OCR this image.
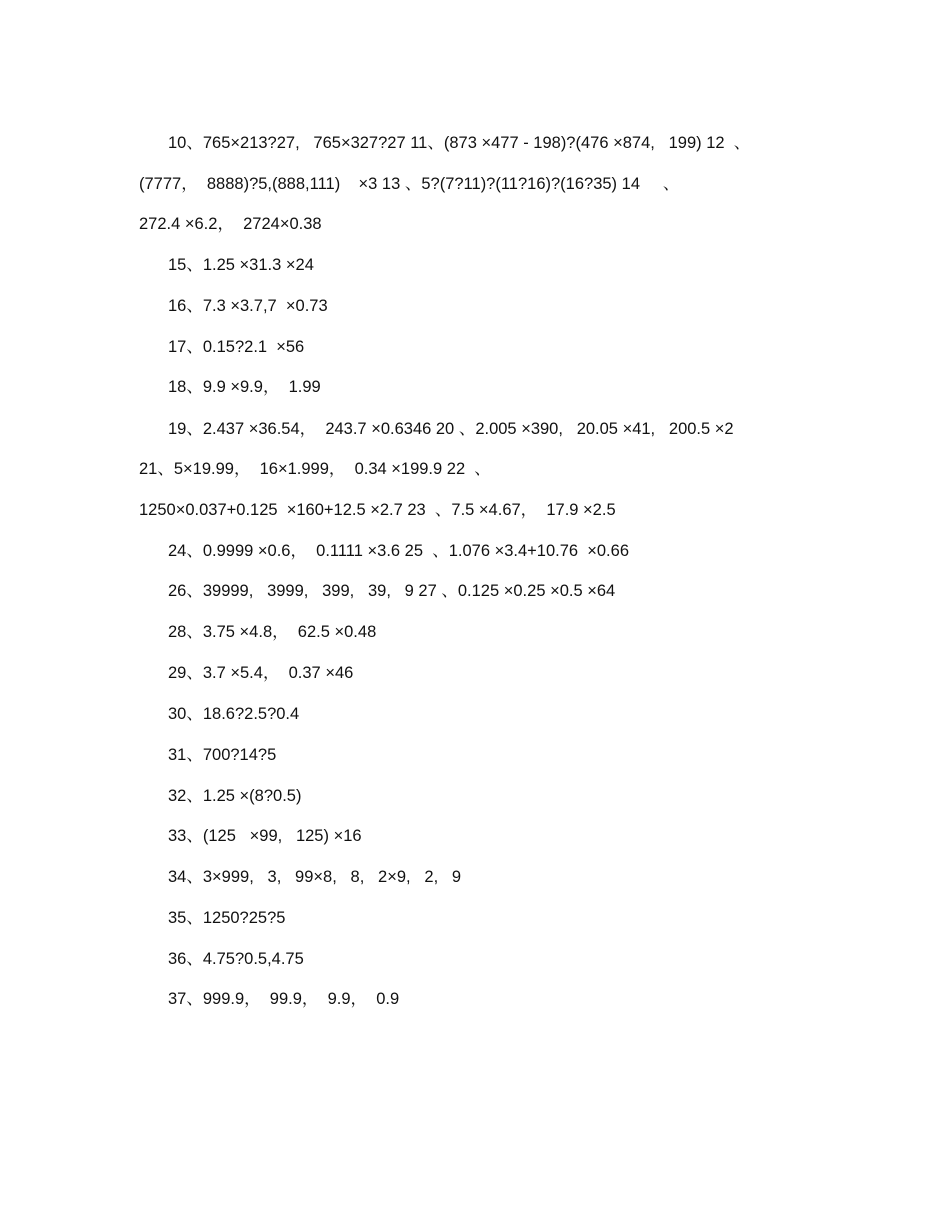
10、765×213?27,   765×327?27 11、(873 ×477 - 198)?(476 ×874,   199) 12  、
(7777，  8888)?5,(888,111)    ×3 13 、5?(7?11)?(11?16)?(16?35) 14     、
272.4 ×6.2，  2724×0.38
15、1.25 ×31.3 ×24
16、7.3 ×3.7,7  ×0.73
17、0.15?2.1  ×56
18、9.9 ×9.9，  1.99
19、2.437 ×36.54，  243.7 ×0.6346 20 、2.005 ×390,   20.05 ×41,   200.5 ×2
21、5×19.99，  16×1.999，  0.34 ×199.9 22  、
1250×0.037+0.125  ×160+12.5 ×2.7 23  、7.5 ×4.67，  17.9 ×2.5
24、0.9999 ×0.6，  0.1111 ×3.6 25  、1.076 ×3.4+10.76  ×0.66
26、39999,   3999,   399,   39,   9 27 、0.125 ×0.25 ×0.5 ×64
28、3.75 ×4.8，  62.5 ×0.48
29、3.7 ×5.4，  0.37 ×46
30、18.6?2.5?0.4
31、700?14?5
32、1.25 ×(8?0.5)
33、(125   ×99,   125) ×16
34、3×999,   3,   99×8,   8,   2×9,   2,   9
35、1250?25?5
36、4.75?0.5,4.75
37、999.9，  99.9，  9.9，  0.9
